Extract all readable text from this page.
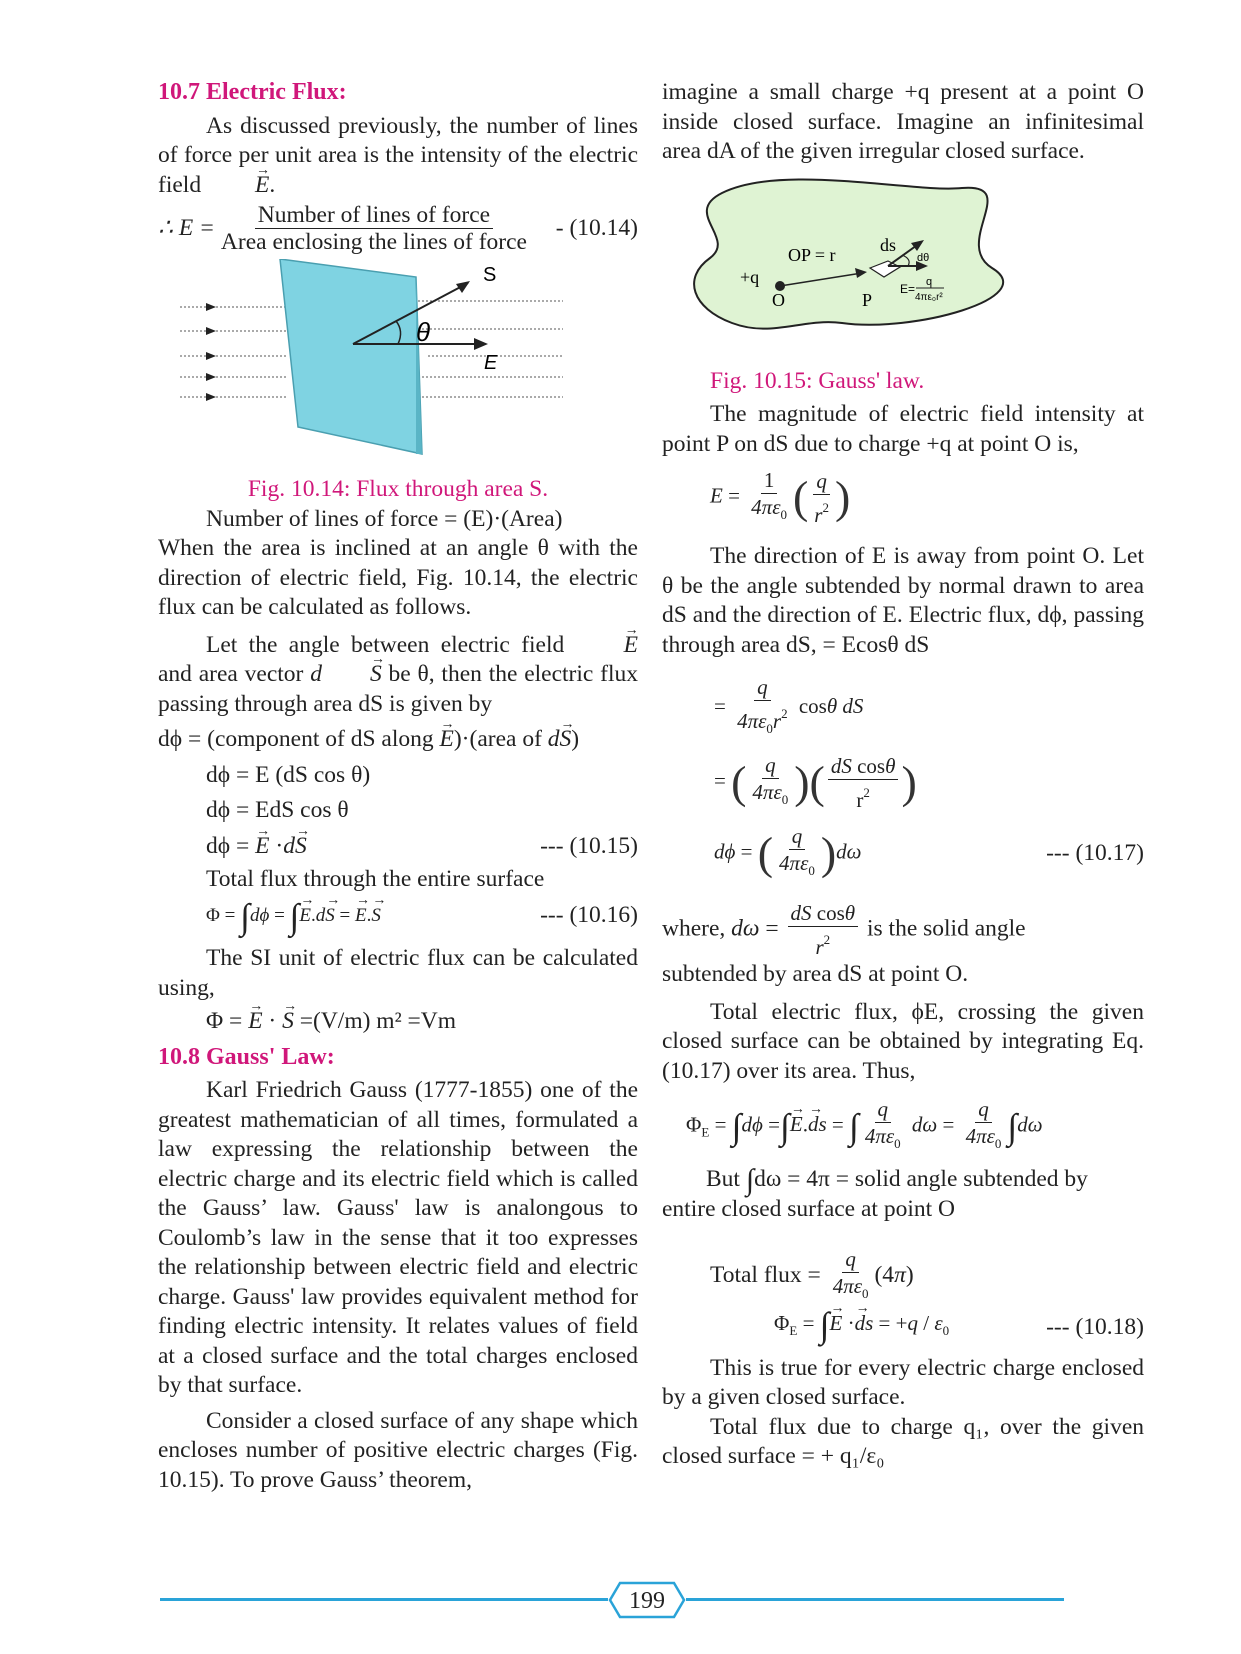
10.7 Electric Flux:

As discussed previously, the number of lines of force per unit area is the intensity of the electric field → E.

∴ $E = \frac{\text{Number of lines of force}}{\text{Area enclosing the lines of force}} - (10.14)$
S
θ
E
Fig. 10.14: Flux through area S.

Number of lines of force = (E)·(Area)

When the area is inclined at an angle θ with the direction of electric field, Fig. 10.14, the electric flux can be calculated as follows.

Let the angle between electric field	→ E and area vector d → S be θ, then the electric flux passing through area dS is given by

dϕ = (component of dS along → E)·(area of d→ S)
dϕ = E (dS cos θ)
dϕ = EdS cos θ
dϕ =
→ E · d → S	--- (10.15)
Total flux through the entire surface
Φ = ∫dϕ = ∫→ E.d→ S = → E.→ S	--- (10.16)

The SI unit of electric flux can be calculated using,

Φ = → E · → S =(V/m) m² =Vm
10.8 Gauss' Law:

Karl Friedrich Gauss (1777-1855) one of the greatest mathematician of all times, formulated a law expressing the relationship between the electric charge and its electric field which is called the Gauss’ law. Gauss' law is analongous to Coulomb’s law in the sense that it too expresses the relationship between electric field and electric charge. Gauss' law provides equivalent method for finding electric intensity. It relates values of field at a closed surface and the total charges enclosed by that surface.

Consider a closed surface of any shape which encloses number of positive electric charges (Fig. 10.15). To prove Gauss’ theorem,

imagine a small charge +q present at a point O inside closed surface. Imagine an infinitesimal area dA of the given irregular closed surface.

+q
O
OP = r
P
ds
dθ
E= q
4πε₀r²
Fig. 10.15: Gauss' law.

The magnitude of electric field intensity at point P on dS due to charge +q at point O is,

$E = \frac{1}{4\pi\varepsilon_0}$ ( $\frac{q}{r^2}$ )

The direction of E is away from point O. Let θ be the angle subtended by normal drawn to area dS and the direction of E. Electric flux, dϕ, passing through area dS, = Ecosθ dS

= $\frac{q}{4\pi\varepsilon_0r^2}$ cosθ dS
= ( $\frac{q}{4\pi\varepsilon_0}$ )( $\frac{\text{dS cosθ}}{r^2}$ )
dϕ = ( $\frac{q}{4\pi\varepsilon_0} )d\omega$	--- (10.17)
where, $d\omega = \frac{\text{dS cosθ}}{r^2}$ is the solid angle

subtended by area dS at point O.

Total electric flux, ϕE, crossing the given closed surface can be obtained by integrating Eq. (10.17) over its area. Thus,

$\Phi_E = \int d\phi$ =∫→ E.→ ds = ∫ $\frac{q}{4\pi\varepsilon_0}$ $d\omega = \frac{q}{4\pi\varepsilon_0} \int d\omega$
But ∫dω = 4π = solid angle subtended by

entire closed surface at point O

Total flux = $\frac{q}{4\pi\varepsilon_0} (4\pi)$
$\Phi_E$ = ∫→ E ·→ ds = $+q / \varepsilon_0$	--- (10.18)

This is true for every electric charge enclosed by a given closed surface.

Total flux due to charge q₁, over the given closed surface = + q₁/ε₀

199
